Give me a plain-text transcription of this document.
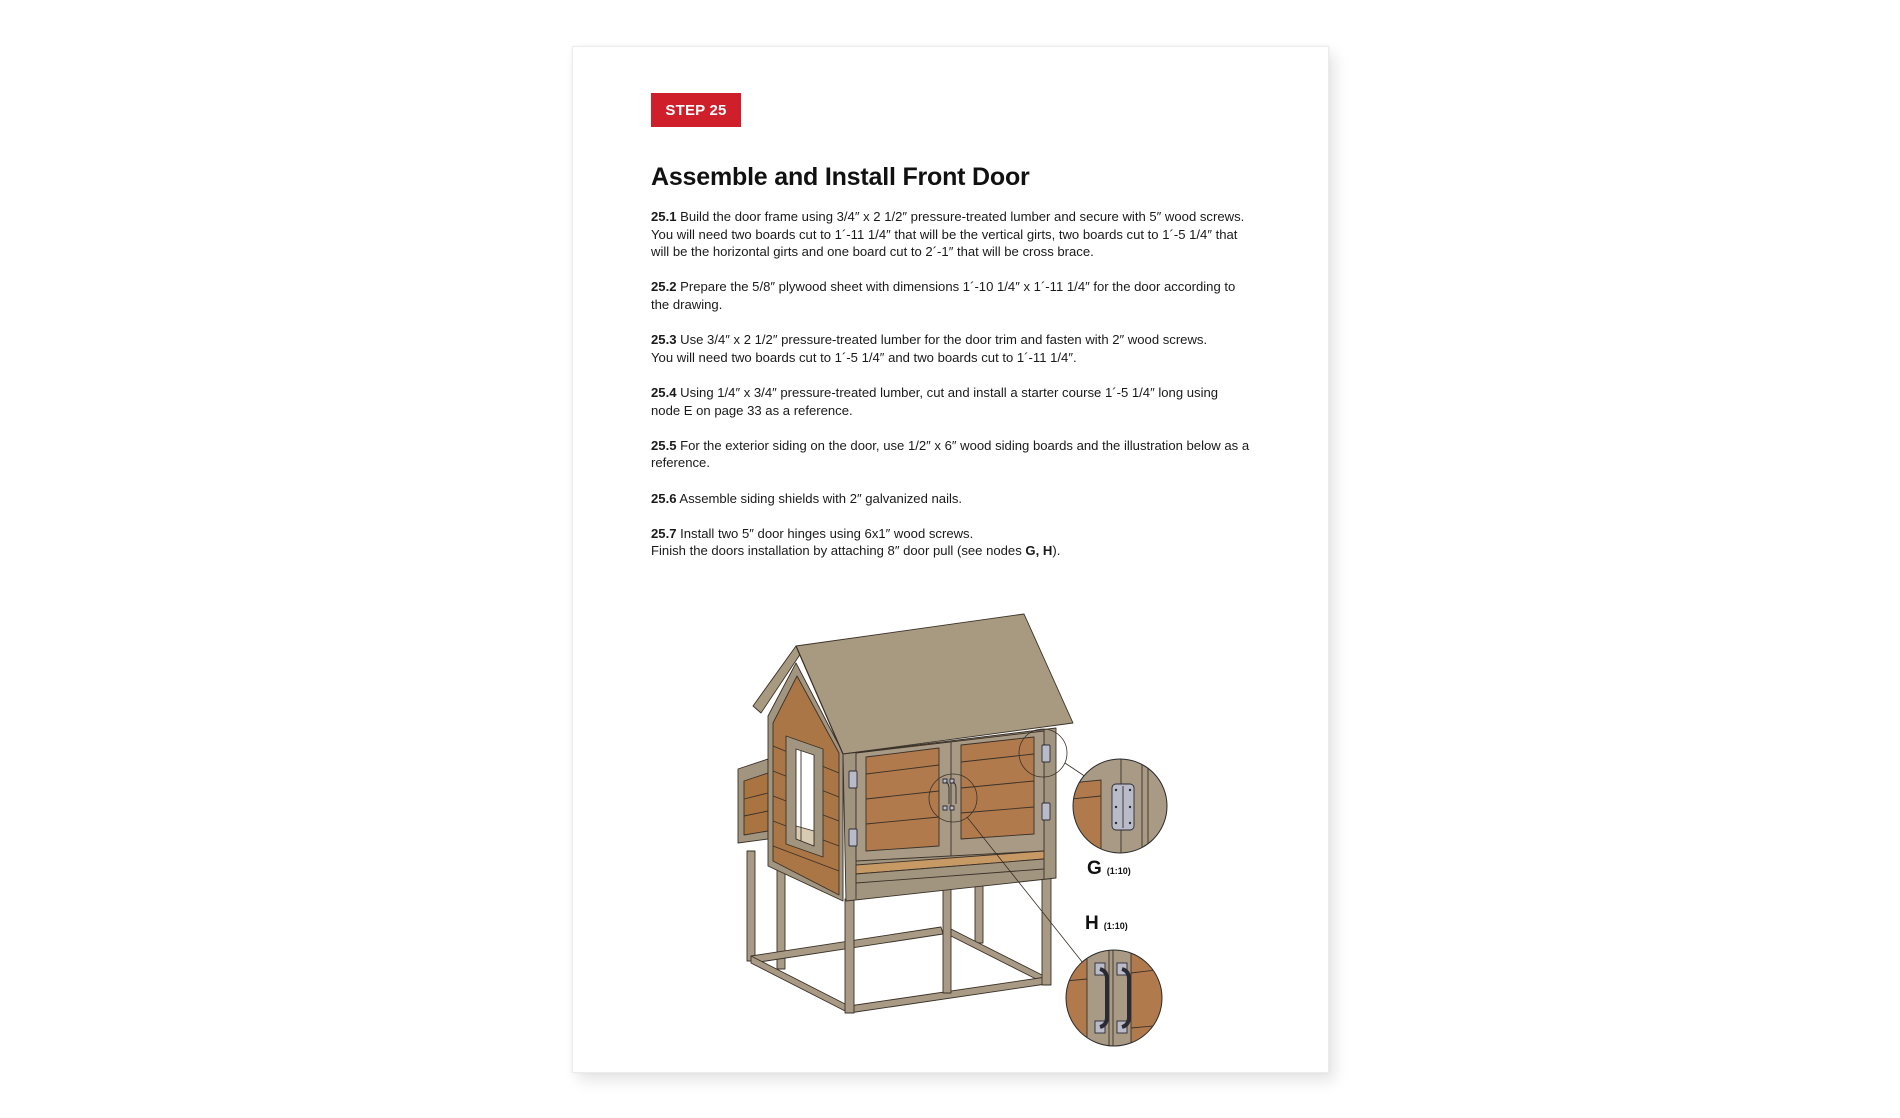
STEP 25
Assemble and Install Front Door

25.1 Build the door frame using 3/4″ x 2 1/2″ pressure-treated lumber and secure with 5″ wood screws.
You will need two boards cut to 1´-11 1/4″ that will be the vertical girts, two boards cut to 1´-5 1/4″ that
will be the horizontal girts and one board cut to 2´-1″ that will be cross brace.

25.2 Prepare the 5/8″ plywood sheet with dimensions 1´-10 1/4″ x 1´-11 1/4″ for the door according to
the drawing.

25.3 Use 3/4″ x 2 1/2″ pressure-treated lumber for the door trim and fasten with 2″ wood screws.
You will need two boards cut to 1´-5 1/4″ and two boards cut to 1´-11 1/4″.

25.4 Using 1/4″ x 3/4″ pressure-treated lumber, cut and install a starter course 1´-5 1/4″ long using
node E on page 33 as a reference.

25.5 For the exterior siding on the door, use 1/2″ x 6″ wood siding boards and the illustration below as a
reference.

25.6 Assemble siding shields with 2″ galvanized nails.

25.7 Install two 5″ door hinges using 6x1″ wood screws.
Finish the doors installation by attaching 8″ door pull (see nodes G, H).

G (1:10)
H (1:10)
